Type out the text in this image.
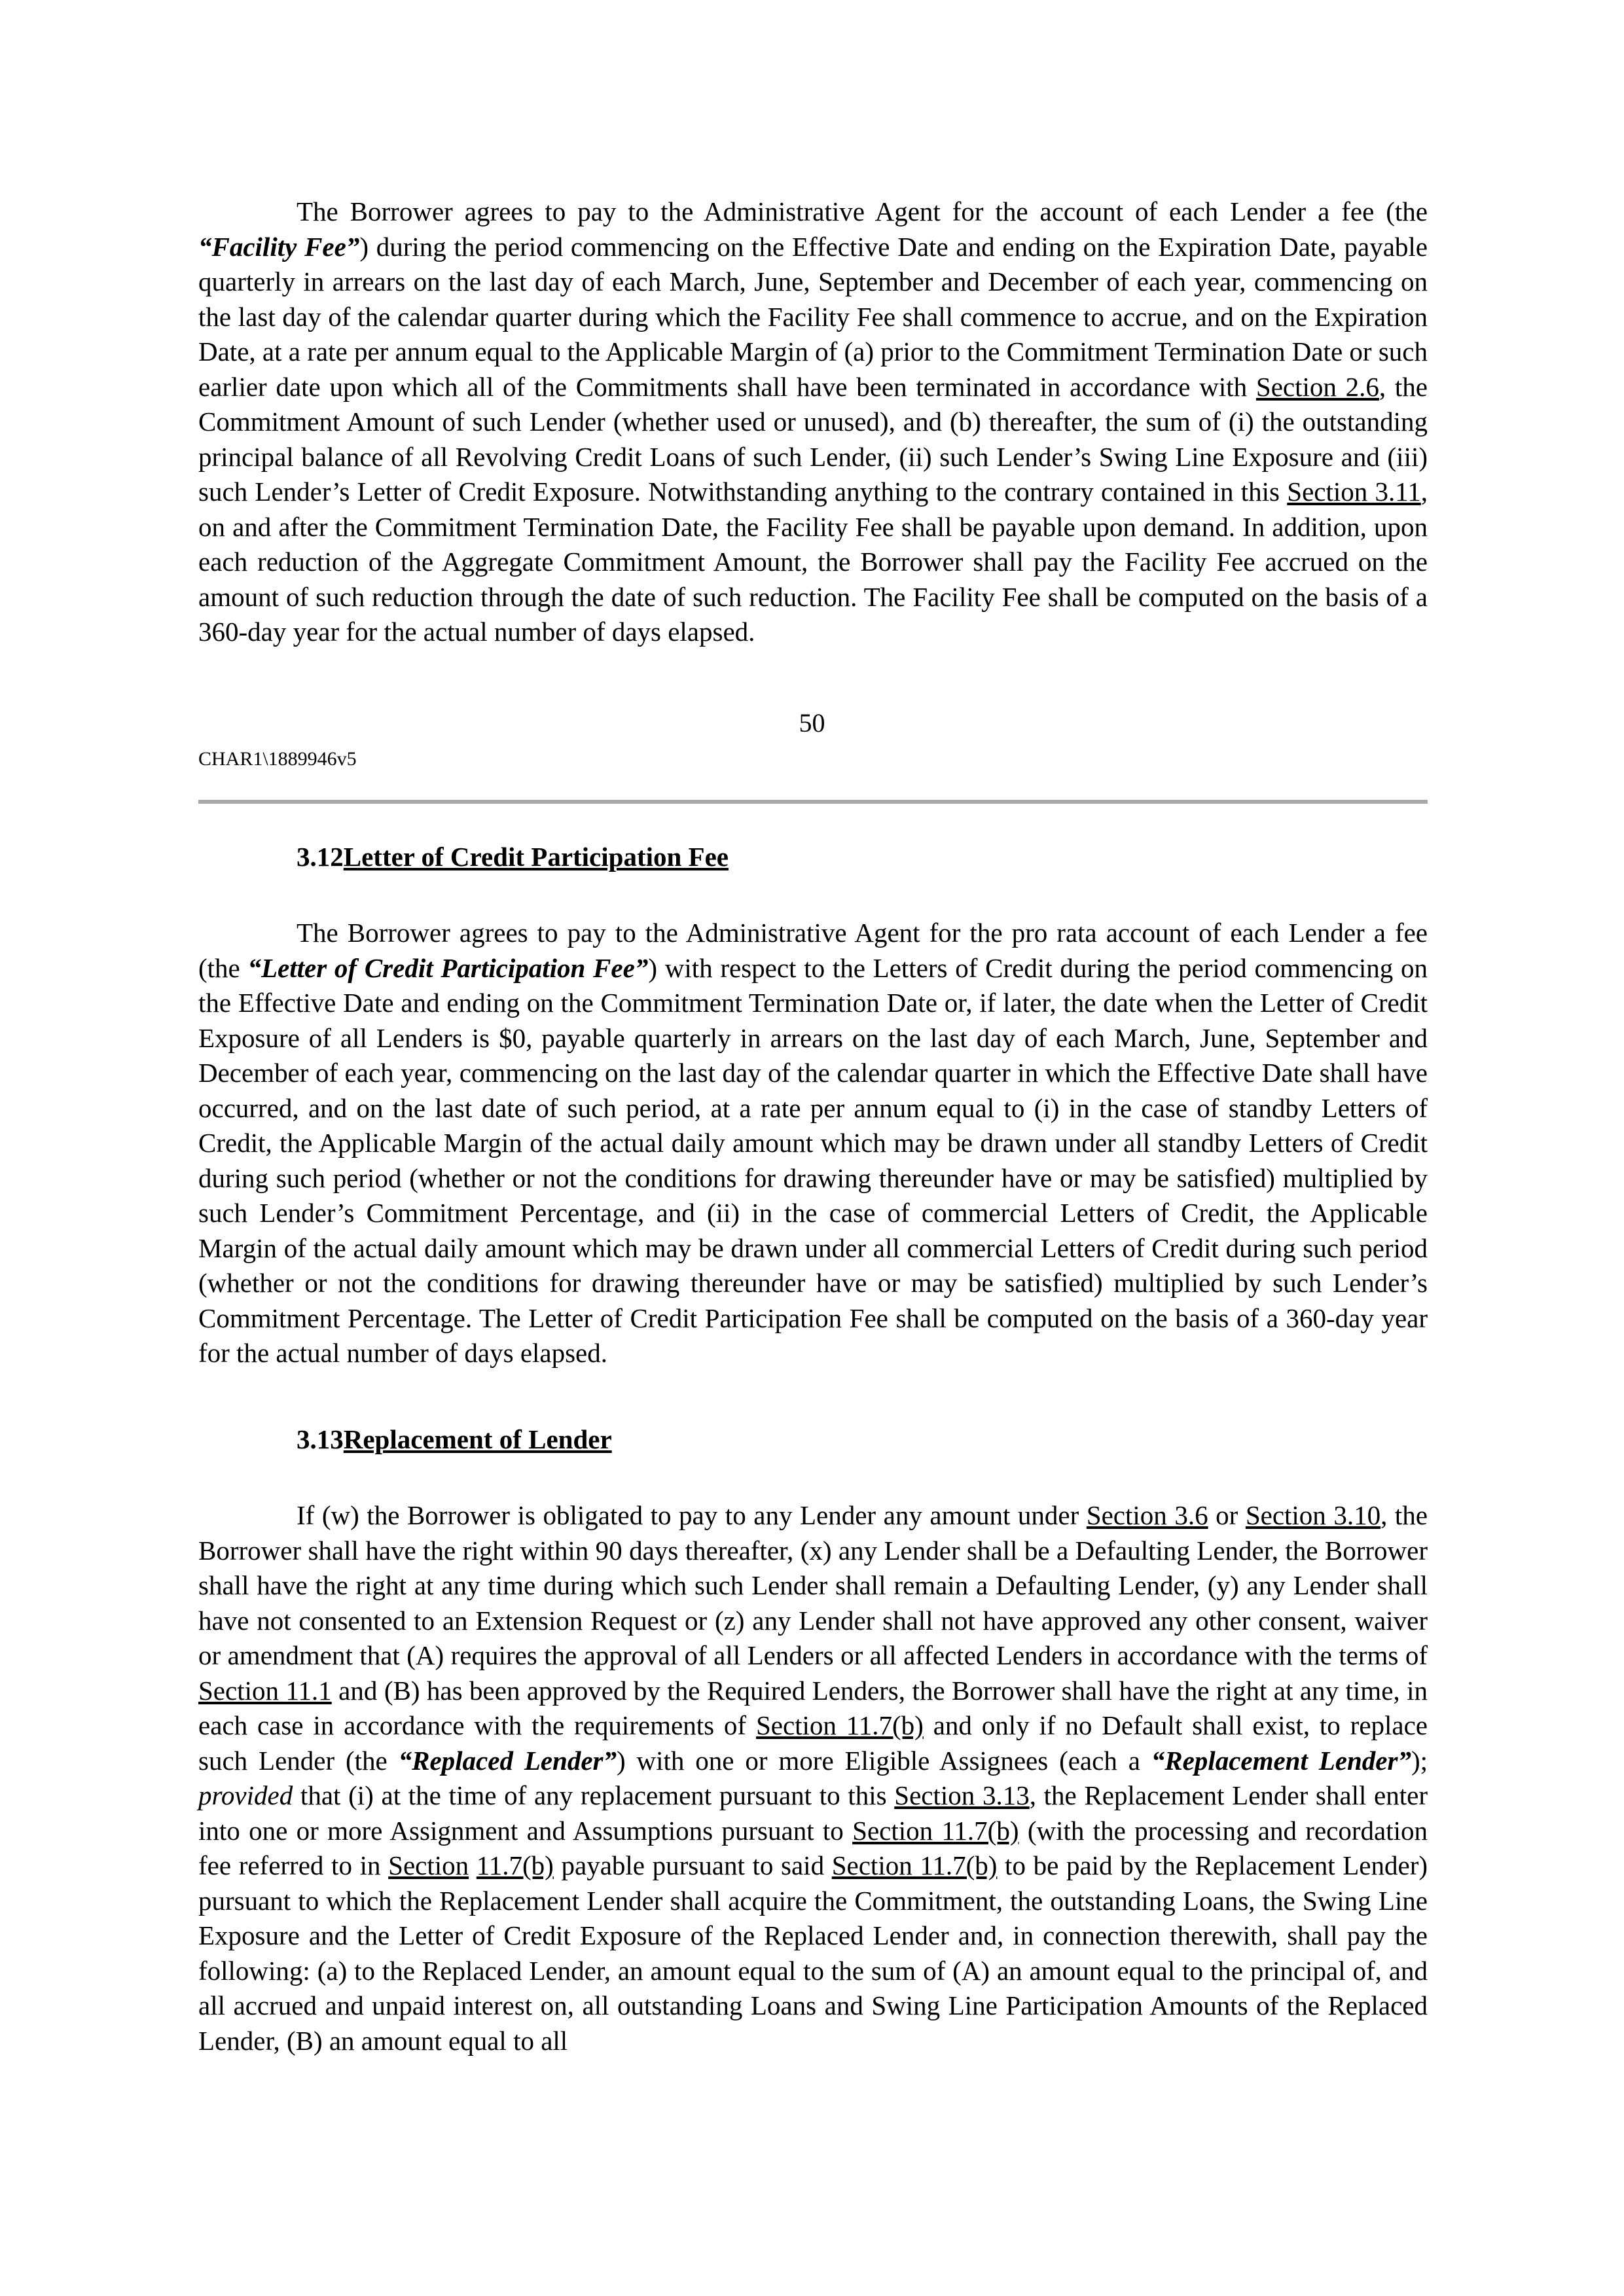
The Borrower agrees to pay to the Administrative Agent for the account of each Lender a fee (the “Facility Fee”) during the period commencing on the Effective Date and ending on the Expiration Date, payable quarterly in arrears on the last day of each March, June, September and December of each year, commencing on the last day of the calendar quarter during which the Facility Fee shall commence to accrue, and on the Expiration Date, at a rate per annum equal to the Applicable Margin of (a) prior to the Commitment Termination Date or such earlier date upon which all of the Commitments shall have been terminated in accordance with Section 2.6, the Commitment Amount of such Lender (whether used or unused), and (b) thereafter, the sum of (i) the outstanding principal balance of all Revolving Credit Loans of such Lender, (ii) such Lender’s Swing Line Exposure and (iii) such Lender’s Letter of Credit Exposure. Notwithstanding anything to the contrary contained in this Section 3.11, on and after the Commitment Termination Date, the Facility Fee shall be payable upon demand. In addition, upon each reduction of the Aggregate Commitment Amount, the Borrower shall pay the Facility Fee accrued on the amount of such reduction through the date of such reduction. The Facility Fee shall be computed on the basis of a 360-day year for the actual number of days elapsed.

50
CHAR1\1889946v5

3.12Letter of Credit Participation Fee

The Borrower agrees to pay to the Administrative Agent for the pro rata account of each Lender a fee (the “Letter of Credit Participation Fee”) with respect to the Letters of Credit during the period commencing on the Effective Date and ending on the Commitment Termination Date or, if later, the date when the Letter of Credit Exposure of all Lenders is $0, payable quarterly in arrears on the last day of each March, June, September and December of each year, commencing on the last day of the calendar quarter in which the Effective Date shall have occurred, and on the last date of such period, at a rate per annum equal to (i) in the case of standby Letters of Credit, the Applicable Margin of the actual daily amount which may be drawn under all standby Letters of Credit during such period (whether or not the conditions for drawing thereunder have or may be satisfied) multiplied by such Lender’s Commitment Percentage, and (ii) in the case of commercial Letters of Credit, the Applicable Margin of the actual daily amount which may be drawn under all commercial Letters of Credit during such period (whether or not the conditions for drawing thereunder have or may be satisfied) multiplied by such Lender’s Commitment Percentage. The Letter of Credit Participation Fee shall be computed on the basis of a 360-day year for the actual number of days elapsed.

3.13Replacement of Lender

If (w) the Borrower is obligated to pay to any Lender any amount under Section 3.6 or Section 3.10, the Borrower shall have the right within 90 days thereafter, (x) any Lender shall be a Defaulting Lender, the Borrower shall have the right at any time during which such Lender shall remain a Defaulting Lender, (y) any Lender shall have not consented to an Extension Request or (z) any Lender shall not have approved any other consent, waiver or amendment that (A) requires the approval of all Lenders or all affected Lenders in accordance with the terms of Section 11.1 and (B) has been approved by the Required Lenders, the Borrower shall have the right at any time, in each case in accordance with the requirements of Section 11.7(b) and only if no Default shall exist, to replace such Lender (the “Replaced Lender”) with one or more Eligible Assignees (each a “Replacement Lender”); provided that (i) at the time of any replacement pursuant to this Section 3.13, the Replacement Lender shall enter into one or more Assignment and Assumptions pursuant to Section 11.7(b) (with the processing and recordation fee referred to in Section 11.7(b) payable pursuant to said Section 11.7(b) to be paid by the Replacement Lender) pursuant to which the Replacement Lender shall acquire the Commitment, the outstanding Loans, the Swing Line Exposure and the Letter of Credit Exposure of the Replaced Lender and, in connection therewith, shall pay the following: (a) to the Replaced Lender, an amount equal to the sum of (A) an amount equal to the principal of, and all accrued and unpaid interest on, all outstanding Loans and Swing Line Participation Amounts of the Replaced Lender, (B) an amount equal to all
